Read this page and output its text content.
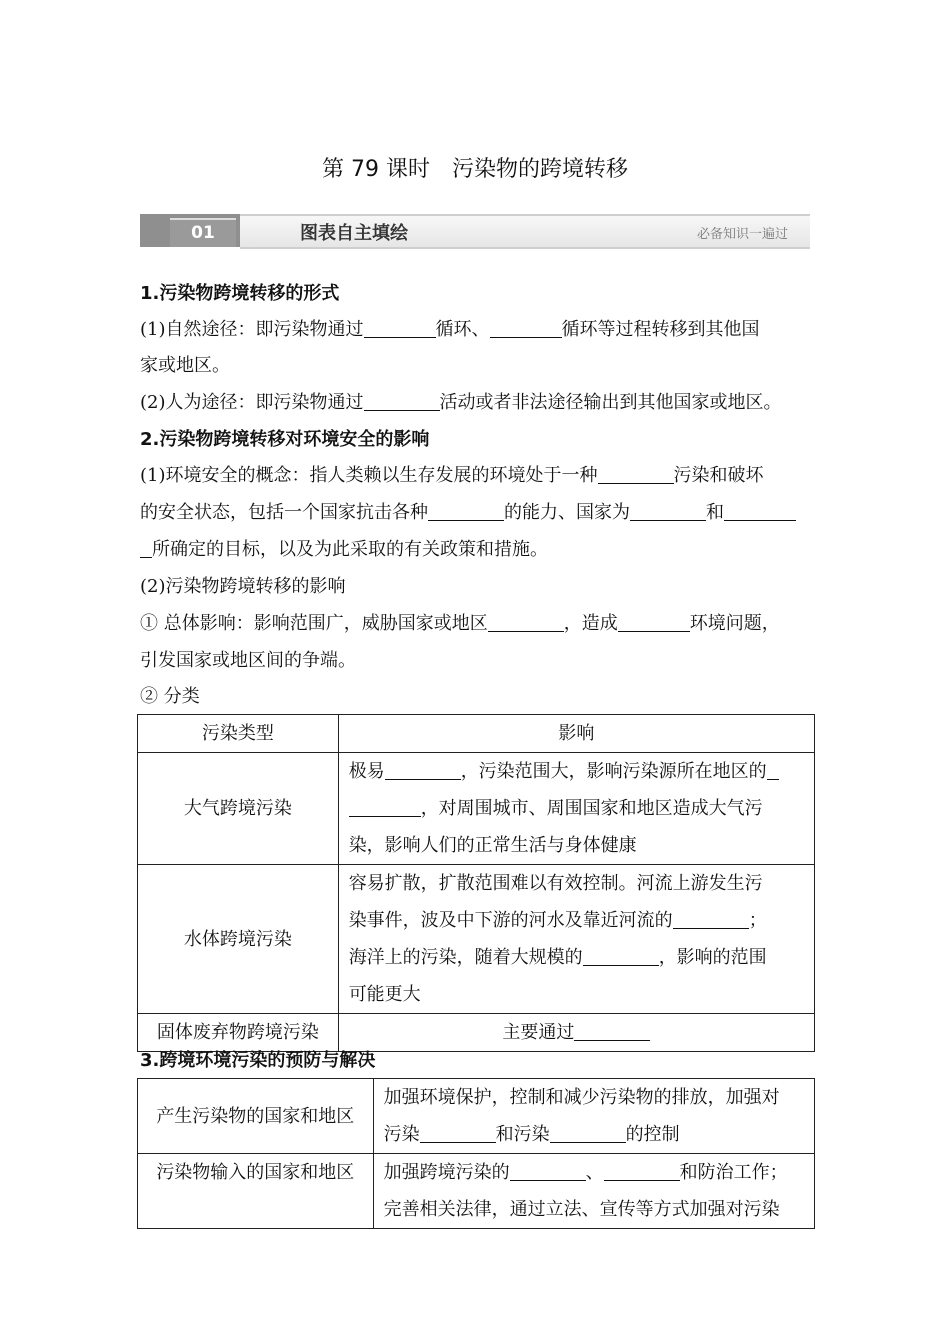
第 79 课时　污染物的跨境转移
01	图表自主填绘	必备知识一遍过
1.污染物跨境转移的形式
(1)自然途径：即污染物通过	循环、	循环等过程转移到其他国
家或地区。
(2)人为途径：即污染物通过	活动或者非法途径输出到其他国家或地区。
2.污染物跨境转移对环境安全的影响
(1)环境安全的概念：指人类赖以生存发展的环境处于一种	污染和破坏
的安全状态，包括一个国家抗击各种	的能力、国家为	和
所确定的目标，以及为此采取的有关政策和措施。
(2)污染物跨境转移的影响
① 总体影响：影响范围广，威胁国家或地区	，造成	环境问题，
引发国家或地区间的争端。
② 分类
污染类型	影响
大气跨境污染	极易 ，污染范围大，影响污染源所在地区的
，对周围城市、周围国家和地区造成大气污
染，影响人们的正常生活与身体健康

水体跨境污染	容易扩散，扩散范围难以有效控制。河流上游发生污
染事件，波及中下游的河水及靠近河流的 ；
海洋上的污染，随着大规模的 ，影响的范围
可能更大

固体废弃物跨境污染	主要通过
3.跨境环境污染的预防与解决
产生污染物的国家和地区	加强环境保护，控制和减少污染物的排放，加强对
污染 和污染 的控制

污染物输入的国家和地区	加强跨境污染的 、 和防治工作；
完善相关法律，通过立法、宣传等方式加强对污染
